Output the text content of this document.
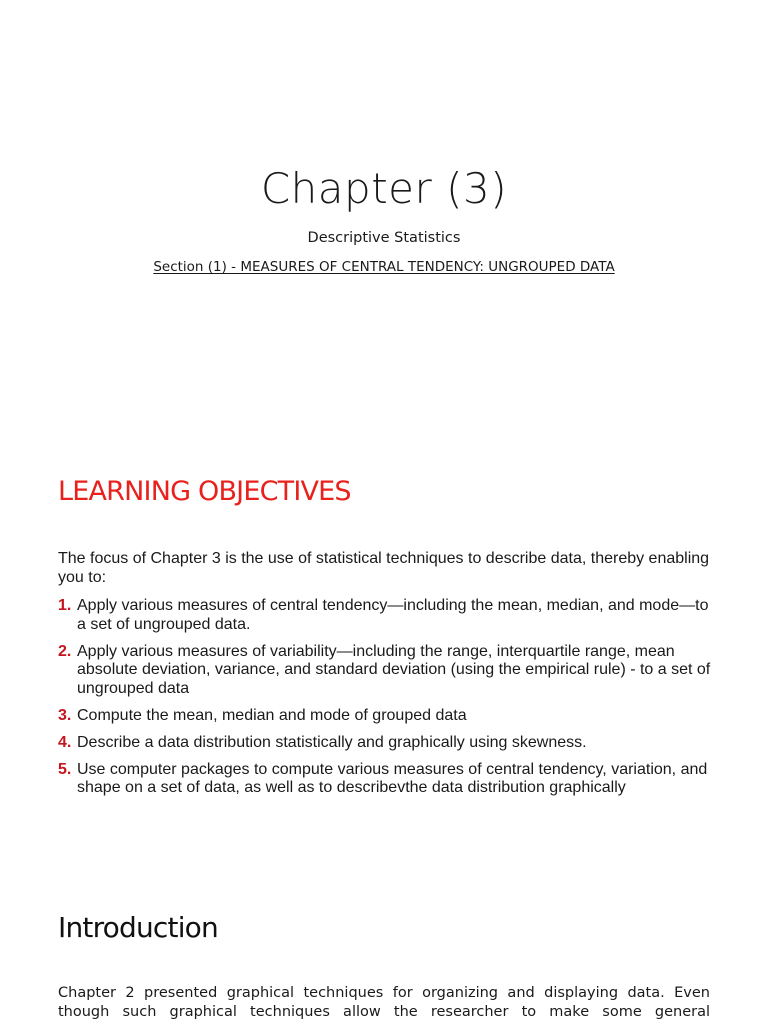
Chapter (3)
Descriptive Statistics
Section (1) - MEASURES OF CENTRAL TENDENCY: UNGROUPED DATA
LEARNING OBJECTIVES
The focus of Chapter 3 is the use of statistical techniques to describe data, thereby enabling you to:
1. Apply various measures of central tendency—including the mean, median, and mode—to a set of ungrouped data.
2. Apply various measures of variability—including the range, interquartile range, mean absolute deviation, variance, and standard deviation (using the empirical rule) - to a set of ungrouped data
3. Compute the mean, median and mode of grouped data
4. Describe a data distribution statistically and graphically using skewness.
5. Use computer packages to compute various measures of central tendency, variation, and shape on a set of data, as well as to describevthe data distribution graphically
Introduction
Chapter 2 presented graphical techniques for organizing and displaying data. Even though such graphical techniques allow the researcher to make some general
